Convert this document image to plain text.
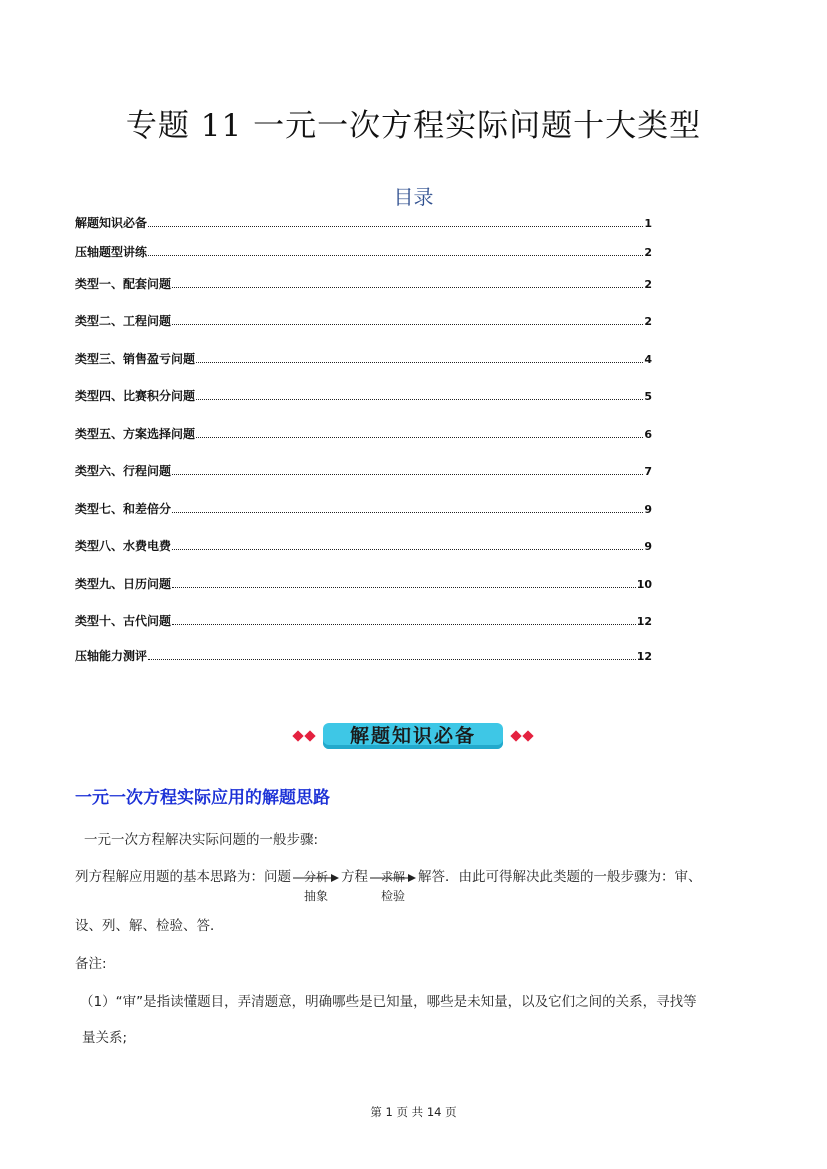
专题 11 一元一次方程实际问题十大类型
目录
解题知识必备	1
压轴题型讲练	2
类型一、配套问题	2
类型二、工程问题	2
类型三、销售盈亏问题	4
类型四、比赛积分问题	5
类型五、方案选择问题	6
类型六、行程问题	7
类型七、和差倍分	9
类型八、水费电费	9
类型九、日历问题	10
类型十、古代问题	12
压轴能力测评	12
解题知识必备
一元一次方程实际应用的解题思路
一元一次方程解决实际问题的一般步骤:
列方程解应用题的基本思路为：问题	分析
抽象
方程	求解
检验
解答．由此可得解决此类题的一般步骤为：审、
设、列、解、检验、答．
备注:
（1）“审”是指读懂题目，弄清题意，明确哪些是已知量，哪些是未知量，以及它们之间的关系，寻找等
量关系;
第 1 页 共 14 页
